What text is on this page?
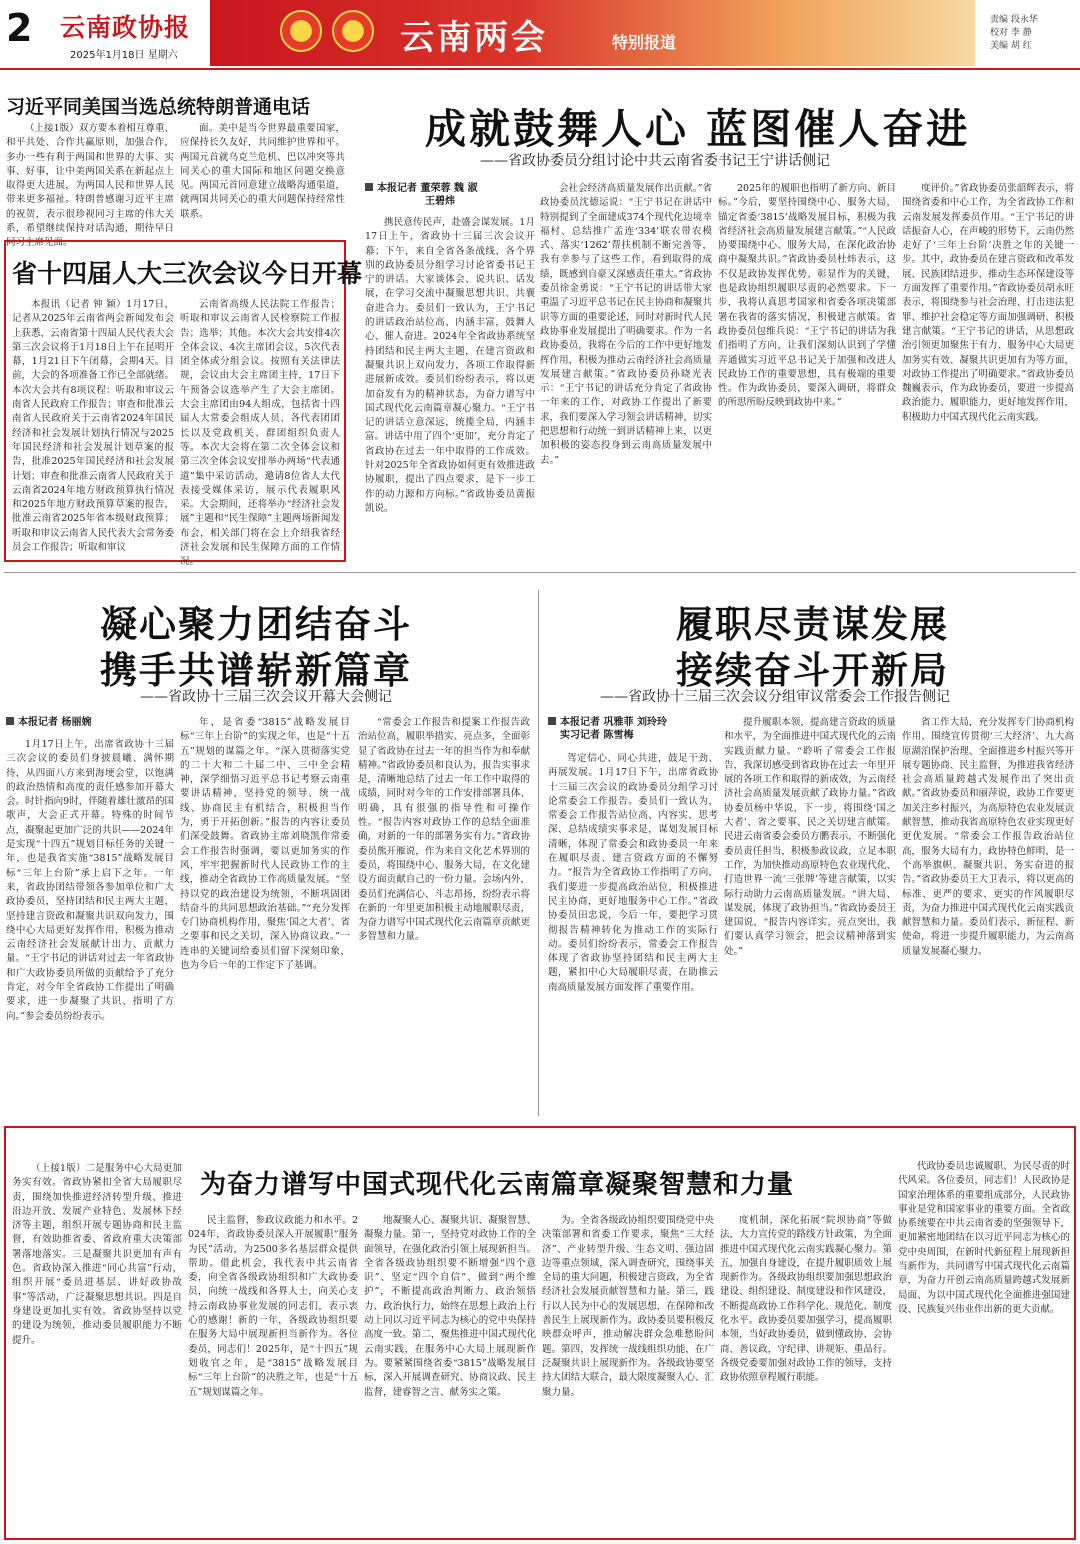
2 云南政协报
2025年1月18日 星期六	云南两会	特别报道
责编 段永华
校对 李 静
美编 胡 红
习近平同美国当选总统特朗普通电话

（上接1版）双方要本着相互尊重、和平共处、合作共赢原则，加强合作，多办一些有利于两国和世界的大事、实事、好事，让中美两国关系在新起点上取得更大进展，为两国人民和世界人民带来更多福祉。特朗普感谢习近平主席的祝贺，表示很珍视同习主席的伟大关系，希望继续保持对话沟通，期待早日同习主席见面。

面。美中是当今世界最重要国家，应保持长久友好，共同维护世界和平。两国元首就乌克兰危机、巴以冲突等共同关心的重大国际和地区问题交换意见。两国元首同意建立战略沟通渠道，就两国共同关心的重大问题保持经常性联系。

省十四届人大三次会议今日开幕

本报讯（记者 钟 颖）1月17日，记者从2025年云南省两会新闻发布会上获悉，云南省第十四届人民代表大会第三次会议将于1月18日上午在昆明开幕，1月21日下午闭幕，会期4天。目前，大会的各项准备工作已全部就绪。本次大会共有8项议程：听取和审议云南省人民政府工作报告；审查和批准云南省人民政府关于云南省2024年国民经济和社会发展计划执行情况与2025年国民经济和社会发展计划草案的报告，批准2025年国民经济和社会发展计划；审查和批准云南省人民政府关于云南省2024年地方财政预算执行情况和2025年地方财政预算草案的报告，批准云南省2025年省本级财政预算；听取和审议云南省人民代表大会常务委员会工作报告；听取和审议

云南省高级人民法院工作报告；听取和审议云南省人民检察院工作报告；选举；其他。本次大会共安排4次全体会议、4次主席团会议，5次代表团全体或分组会议。按照有关法律法规，会议由大会主席团主持，17日下午预备会议选举产生了大会主席团。大会主席团由94人组成，包括省十四届人大常委会组成人员、各代表团团长以及党政机关、群团组织负责人等。本次大会将在第二次全体会议和第三次全体会议安排举办两场“代表通道”集中采访活动，邀请8位省人大代表接受媒体采访，展示代表履职风采。大会期间，还将举办“经济社会发展”主题和“民生保障”主题两场新闻发布会，相关部门将在会上介绍我省经济社会发展和民生保障方面的工作情况。

成就鼓舞人心 蓝图催人奋进
——省政协委员分组讨论中共云南省委书记王宁讲话侧记
本报记者 董荣蓉 魏 淑
王碧炜

携民意传民声，赴盛会谋发展。1月17日上午，省政协十三届三次会议开幕；下午，来自全省各条战线、各个界别的政协委员分组学习讨论省委书记王宁的讲话。大家谈体会、说共识、话发展，在学习交流中凝聚思想共识、共襄奋进合力。委员们一致认为，王宁书记的讲话政治站位高、内涵丰富，鼓舞人心、催人奋进。2024年全省政协系统坚持团结和民主两大主题，在建言资政和凝聚共识上双向发力，各项工作取得新进展新成效。委员们纷纷表示，将以更加奋发有为的精神状态，为奋力谱写中国式现代化云南篇章凝心聚力。“王宁书记的讲话立意深远，统揽全局，内涵丰富。讲话中用了四个‘更加’，充分肯定了省政协在过去一年中取得的工作成效。针对2025年全省政协如何更有效推进政协履职，提出了四点要求，是下一步工作的动力源和方向标。”省政协委员黄振凯说。

会社会经济高质量发展作出贡献。”省政协委员沈德运说：“王宁书记在讲话中特别提到了全面建成374个现代化边境幸福村、总结推广孟连‘334’联农带农模式、落实‘1262’帮扶机制不断完善等，我有幸参与了这些工作，看到取得的成绩，既感到自豪又深感责任重大。”省政协委员徐金勇说：“王宁书记的讲话带大家重温了习近平总书记在民主协商和凝聚共识等方面的重要论述，同时对新时代人民政协事业发展提出了明确要求。作为一名政协委员，我将在今后的工作中更好地发挥作用，积极为推动云南经济社会高质量发展建言献策。”省政协委员孙晓光表示：“王宁书记的讲话充分肯定了省政协一年来的工作，对政协工作提出了新要求，我们要深入学习领会讲话精神，切实把思想和行动统一到讲话精神上来，以更加积极的姿态投身到云南高质量发展中去。”

2025年的履职也指明了新方向、新目标。”今后，要坚持围绕中心、服务大局，锚定省委‘3815’战略发展目标，积极为我省经济社会高质量发展建言献策。”“人民政协要围绕中心、服务大局，在深化政治协商中凝聚共识。”省政协委员杜炜表示，这不仅是政协发挥优势、彰显作为的关键，也是政协组织履职尽责的必然要求。下一步，我将认真思考国家和省委各项决策部署在我省的落实情况，积极建言献策。省政协委员包维兵说：“王宁书记的讲话为我们指明了方向，让我们深刻认识到了学懂弄通做实习近平总书记关于加强和改进人民政协工作的重要思想，具有极端的重要性。作为政协委员，要深入调研，将群众的所思所盼反映到政协中来。”

度评价。”省政协委员张韶辉表示，将围绕省委和中心工作，为全省政协工作和云南发展发挥委员作用。“王宁书记的讲话振奋人心，在声峻的形势下，云南仍然走好了‘三年上台阶’决胜之年的关键一步。其中，政协委员在建言资政和改革发展、民族团结进步、推动生态环保建设等方面发挥了重要作用。”省政协委员胡永旺表示，将围绕参与社会治理、打击违法犯罪、维护社会稳定等方面加强调研、积极建言献策。“王宁书记的讲话，从思想政治引领更加聚焦于有力、服务中心大局更加务实有效、凝聚共识更加有为等方面，对政协工作提出了明确要求。”省政协委员魏巍表示，作为政协委员，要进一步提高政治能力、履职能力，更好地发挥作用，积极助力中国式现代化云南实践。

凝心聚力团结奋斗
携手共谱崭新篇章
——省政协十三届三次会议开幕大会侧记
本报记者 杨丽婉

1月17日上午，出席省政协十三届三次会议的委员们身披晨曦、满怀期待，从四面八方来到海埂会堂，以饱满的政治热情和高度的责任感参加开幕大会。时针指向9时，伴随着雄壮激昂的国歌声，大会正式开幕。特殊的时间节点，凝聚起更加广泛的共识——2024年是实现“十四五”规划目标任务的关键一年，也是我省实施“3815”战略发展目标“三年上台阶”承上启下之年。一年来，省政协团结带领各参加单位和广大政协委员，坚持团结和民主两大主题，坚持建言资政和凝聚共识双向发力，围绕中心大局更好发挥作用，积极为推动云南经济社会发展献计出力、贡献力量。“王宁书记的讲话对过去一年省政协和广大政协委员所做的贡献给予了充分肯定，对今年全省政协工作提出了明确要求，进一步凝聚了共识、指明了方向。”参会委员纷纷表示。

年，是省委“3815”战略发展目标“三年上台阶”的实现之年，也是“十五五”规划的谋篇之年。“深入贯彻落实党的二十大和二十届二中、三中全会精神，深学细悟习近平总书记考察云南重要讲话精神，坚持党的领导、统一战线、协商民主有机结合，积极担当作为，勇于开拓创新。”报告的内容让委员们深受鼓舞。省政协主席刘晓凯作常委会工作报告时强调，要以更加务实的作风，牢牢把握新时代人民政协工作的主线，推动全省政协工作高质量发展。“坚持以党的政治建设为统领，不断巩固团结奋斗的共同思想政治基础。”“充分发挥专门协商机构作用，聚焦‘国之大者’、省之要事和民之关切，深入协商议政。”一连串的关键词给委员们留下深刻印象，也为今后一年的工作定下了基调。

“常委会工作报告和提案工作报告政治站位高，履职举措实、亮点多，全面彰显了省政协在过去一年的担当作为和奉献精神。”省政协委员和良认为，报告实事求是，清晰地总结了过去一年工作中取得的成绩，同时对今年的工作安排部署具体、明确，具有很强的指导性和可操作性。“报告内容对政协工作的总结全面准确，对新的一年的部署务实有力。”省政协委员熊开雁说，作为来自文化艺术界别的委员，将围绕中心、服务大局，在文化建设方面贡献自己的一份力量。会场内外，委员们充满信心、斗志昂扬，纷纷表示将在新的一年里更加积极主动地履职尽责，为奋力谱写中国式现代化云南篇章贡献更多智慧和力量。

履职尽责谋发展
接续奋斗开新局
——省政协十三届三次会议分组审议常委会工作报告侧记
本报记者 巩雅菲 刘玲玲
实习记者 陈雪梅

驾定信心、同心共进，鼓足干劲、再展发展。1月17日下午，出席省政协十三届三次会议的政协委员分组学习讨论常委会工作报告。委员们一致认为，常委会工作报告站位高、内容实、思考深、总结成绩实事求是，谋划发展目标清晰，体现了常委会和政协委员一年来在履职尽责、建言资政方面的不懈努力。“报告为全省政协工作指明了方向，我们要进一步提高政治站位，积极推进民主协商，更好地服务中心工作。”省政协委员田忠说，今后一年，要把学习贯彻报告精神转化为推动工作的实际行动。委员们纷纷表示，常委会工作报告体现了省政协坚持团结和民主两大主题，紧扣中心大局履职尽责，在助推云南高质量发展方面发挥了重要作用。

提升履职本领，提高建言资政的质量和水平，为全面推进中国式现代化的云南实践贡献力量。“聆听了常委会工作报告，我深切感受到省政协在过去一年里开展的各项工作和取得的新成效，为云南经济社会高质量发展贡献了政协力量。”省政协委员杨中华说，下一步，将围绕‘国之大者’、省之要事、民之关切建言献策。民进云南省委会委员方鹏表示，不断强化委员责任担当，积极参政议政，立足本职工作，为加快推动高原特色农业现代化、打造世界一流‘三张牌’等建言献策，以实际行动助力云南高质量发展。“讲大局、谋发展，体现了政协担当。”省政协委员王建国说，“报告内容详实，亮点突出，我们要认真学习领会，把会议精神落到实处。”

省工作大局，充分发挥专门协商机构作用，围绕宣传贯彻‘三大经济’、九大高原湖泊保护治理、全面推进乡村振兴等开展专题协商、民主监督，为推进我省经济社会高质量跨越式发展作出了突出贡献。”省政协委员和丽萍说，政协工作要更加关注乡村振兴，为高原特色农业发展贡献智慧，推动我省高原特色农业实现更好更优发展。“常委会工作报告政治站位高，服务大局有力，政协特色鲜明，是一个高举旗帜、凝聚共识、务实奋进的报告。”省政协委员王大卫表示，将以更高的标准、更严的要求、更实的作风履职尽责，为奋力推进中国式现代化云南实践贡献智慧和力量。委员们表示，新征程、新使命，将进一步提升履职能力，为云南高质量发展凝心聚力。

为奋力谱写中国式现代化云南篇章凝聚智慧和力量

（上接1版）二是服务中心大局更加务实有效。省政协紧扣全省大局履职尽责，围绕加快推进经济转型升级、推进沿边开放、发展产业特色、发展林下经济等主题，组织开展专题协商和民主监督，有效助推省委、省政府重大决策部署落地落实。三是凝聚共识更加有声有色。省政协深入推进“同心共富”行动，组织开展“委员进基层、讲好政协故事”等活动，广泛凝聚思想共识。四是自身建设更加扎实有效。省政协坚持以党的建设为统领，推动委员履职能力不断提升。

民主监督，参政议政能力和水平。2024年，省政协委员深入开展履职“服务为民”活动，为2500多名基层群众提供帮助。借此机会，我代表中共云南省委，向全省各级政协组织和广大政协委员，向统一战线和各界人士，向关心支持云南政协事业发展的同志们，表示衷心的感谢！新的一年，各级政协组织要在服务大局中展现新担当新作为。各位委员，同志们！2025年，是“十四五”规划收官之年，是“3815”战略发展目标“三年上台阶”的决胜之年，也是“十五五”规划谋篇之年。

地凝聚人心、凝聚共识、凝聚智慧、凝聚力量。第一，坚持党对政协工作的全面领导，在强化政治引领上展现新担当。全省各级政协组织要不断增强“四个意识”、坚定“四个自信”、做到“两个维护”，不断提高政治判断力、政治领悟力、政治执行力，始终在思想上政治上行动上同以习近平同志为核心的党中央保持高度一致。第二，聚焦推进中国式现代化云南实践，在服务中心大局上展现新作为。要紧紧围绕省委“3815”战略发展目标，深入开展调查研究、协商议政、民主监督，建睿智之言、献务实之策。

为。全省各级政协组织要围绕党中央决策部署和省委工作要求，聚焦“三大经济”、产业转型升级、生态文明、强边固边等重点领域，深入调查研究，围绕事关全局的重大问题，积极建言资政，为全省经济社会发展贡献智慧和力量。第三，践行以人民为中心的发展思想，在保障和改善民生上展现新作为。政协委员要积极反映群众呼声，推动解决群众急难愁盼问题。第四，发挥统一战线组织功能，在广泛凝聚共识上展现新作为。各级政协要坚持大团结大联合，最大限度凝聚人心、汇聚力量。

度机制，深化拓展“院坝协商”等做法，大力宣传党的路线方针政策，为全面推进中国式现代化云南实践凝心聚力。第五，加强自身建设，在提升履职质效上展现新作为。各级政协组织要加强思想政治建设、组织建设、制度建设和作风建设，不断提高政协工作科学化、规范化、制度化水平。政协委员要加强学习，提高履职本领，当好政协委员，做到懂政协、会协商、善议政，守纪律、讲规矩、重品行。各级党委要加强对政协工作的领导，支持政协依照章程履行职能。

代政协委员忠诚履职、为民尽责的时代风采。各位委员，同志们！人民政协是国家治理体系的重要组成部分，人民政协事业是党和国家事业的重要方面。全省政协系统要在中共云南省委的坚强领导下，更加紧密地团结在以习近平同志为核心的党中央周围，在新时代新征程上展现新担当新作为，共同谱写中国式现代化云南篇章，为奋力开创云南高质量跨越式发展新局面、为以中国式现代化全面推进强国建设、民族复兴伟业作出新的更大贡献。
